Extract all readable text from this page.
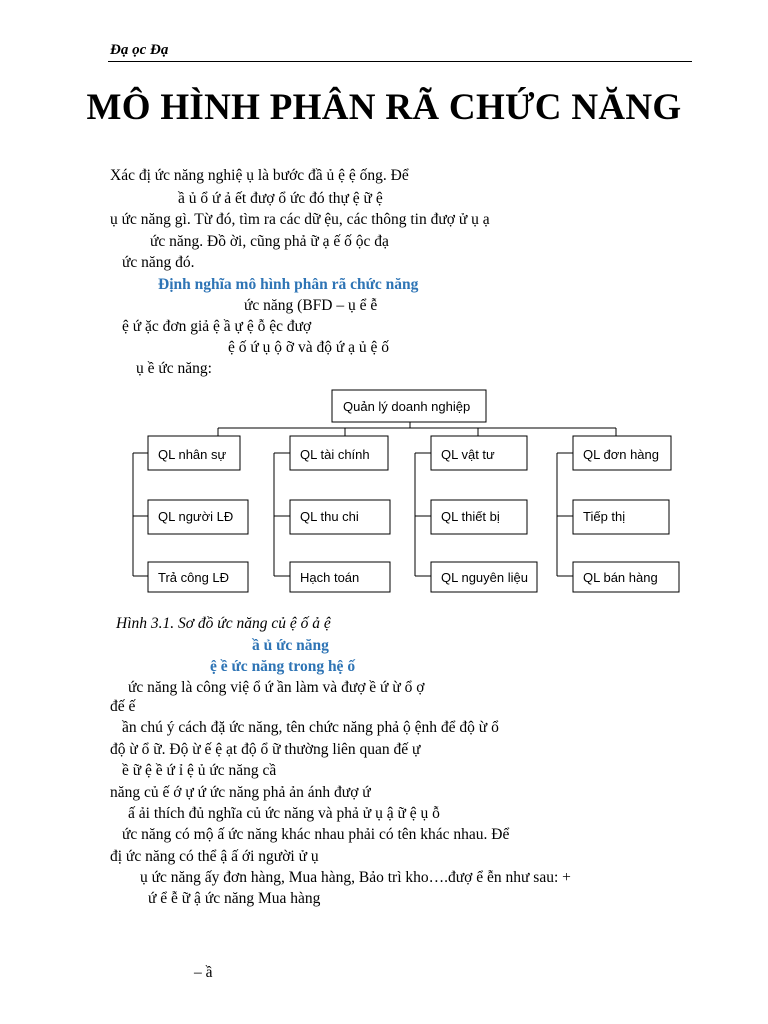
Đạ ọc Đạ
MÔ HÌNH PHÂN RÃ CHỨC NĂNG
Xác đị ức năng nghiệ ụ là bước đầ ủ ệ ệ ống. Để
ầ ủ ổ ứ ả ết đượ ổ ức đó thự ệ ữ ệ
ụ ức năng gì. Từ đó, tìm ra các dữ ệu, các thông tin đượ ử ụ ạ
ức năng. Đồ ời, cũng phả ữ ạ ế ố ộc đạ
ức năng đó.
Định nghĩa mô hình phân rã chức năng
ức năng (BFD – ụ ể ễ
ệ ứ ặc đơn giả ệ ầ ự ệ ỗ ệc đượ
ệ ố ứ ụ ộ ỡ và độ ứ ạ ủ ệ ố
ụ ề ức năng:
Quản lý doanh nghiệp
QL nhân sự
QL người LĐ
Trả công LĐ
QL tài chính
QL thu chi
Hạch toán
QL vật tư
QL thiết bị
QL nguyên liệu
QL đơn hàng
Tiếp thị
QL bán hàng
Hình 3.1. Sơ đồ ức năng củ ệ ố ả ệ
ầ ủ ức năng
ệ ề ức năng trong hệ ố
ức năng là công việ ổ ứ ần làm và đượ ề ứ ừ ổ ợ
đế ế
ần chú ý cách đặ ức năng, tên chức năng phả ộ ệnh để độ ừ ổ
độ ừ ổ ữ. Độ ừ ế ệ ạt độ ổ ữ thường liên quan đế ự
ề ữ ệ ề ứ ỉ ệ ủ ức năng cầ
năng củ ế ớ ự ứ ức năng phả ản ánh đượ ứ
ấ ải thích đủ nghĩa củ ức năng và phả ử ụ ậ ữ ệ ụ ỗ
ức năng có mộ ấ ức năng khác nhau phải có tên khác nhau. Để
đị ức năng có thể ậ ấ ới người ử ụ
ụ ức năng ấy đơn hàng, Mua hàng, Bảo trì kho….đượ ể ễn như sau: +
ứ ể ễ ữ ậ ức năng Mua hàng
– ầ
